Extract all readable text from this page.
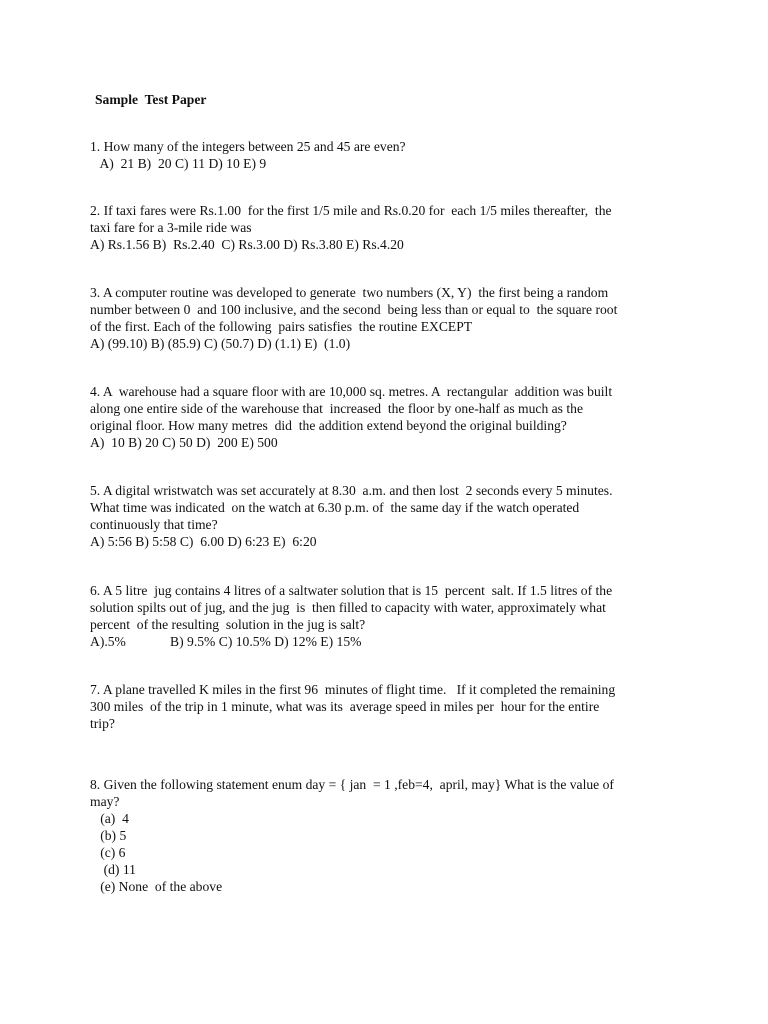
Sample  Test Paper
1. How many of the integers between 25 and 45 are even?
A)  21 B)  20 C) 11 D) 10 E) 9
2. If taxi fares were Rs.1.00  for the first 1/5 mile and Rs.0.20 for  each 1/5 miles thereafter,  the
taxi fare for a 3-mile ride was
A) Rs.1.56 B)  Rs.2.40  C) Rs.3.00 D) Rs.3.80 E) Rs.4.20
3. A computer routine was developed to generate  two numbers (X, Y)  the first being a random
number between 0  and 100 inclusive, and the second  being less than or equal to  the square root
of the first. Each of the following  pairs satisfies  the routine EXCEPT
A) (99.10) B) (85.9) C) (50.7) D) (1.1) E)  (1.0)
4. A  warehouse had a square floor with are 10,000 sq. metres. A  rectangular  addition was built
along one entire side of the warehouse that  increased  the floor by one-half as much as the
original floor. How many metres  did  the addition extend beyond the original building?
A)  10 B) 20 C) 50 D)  200 E) 500
5. A digital wristwatch was set accurately at 8.30  a.m. and then lost  2 seconds every 5 minutes.
What time was indicated  on the watch at 6.30 p.m. of  the same day if the watch operated
continuously that time?
A) 5:56 B) 5:58 C)  6.00 D) 6:23 E)  6:20
6. A 5 litre  jug contains 4 litres of a saltwater solution that is 15  percent  salt. If 1.5 litres of the
solution spilts out of jug, and the jug  is  then filled to capacity with water, approximately what
percent  of the resulting  solution in the jug is salt?
A).5%             B) 9.5% C) 10.5% D) 12% E) 15%
7. A plane travelled K miles in the first 96  minutes of flight time.   If it completed the remaining
300 miles  of the trip in 1 minute, what was its  average speed in miles per  hour for the entire
trip?
8. Given the following statement enum day = { jan  = 1 ,feb=4,  april, may} What is the value of
may?
(a)  4
(b) 5
(c) 6
(d) 11
(e) None  of the above
